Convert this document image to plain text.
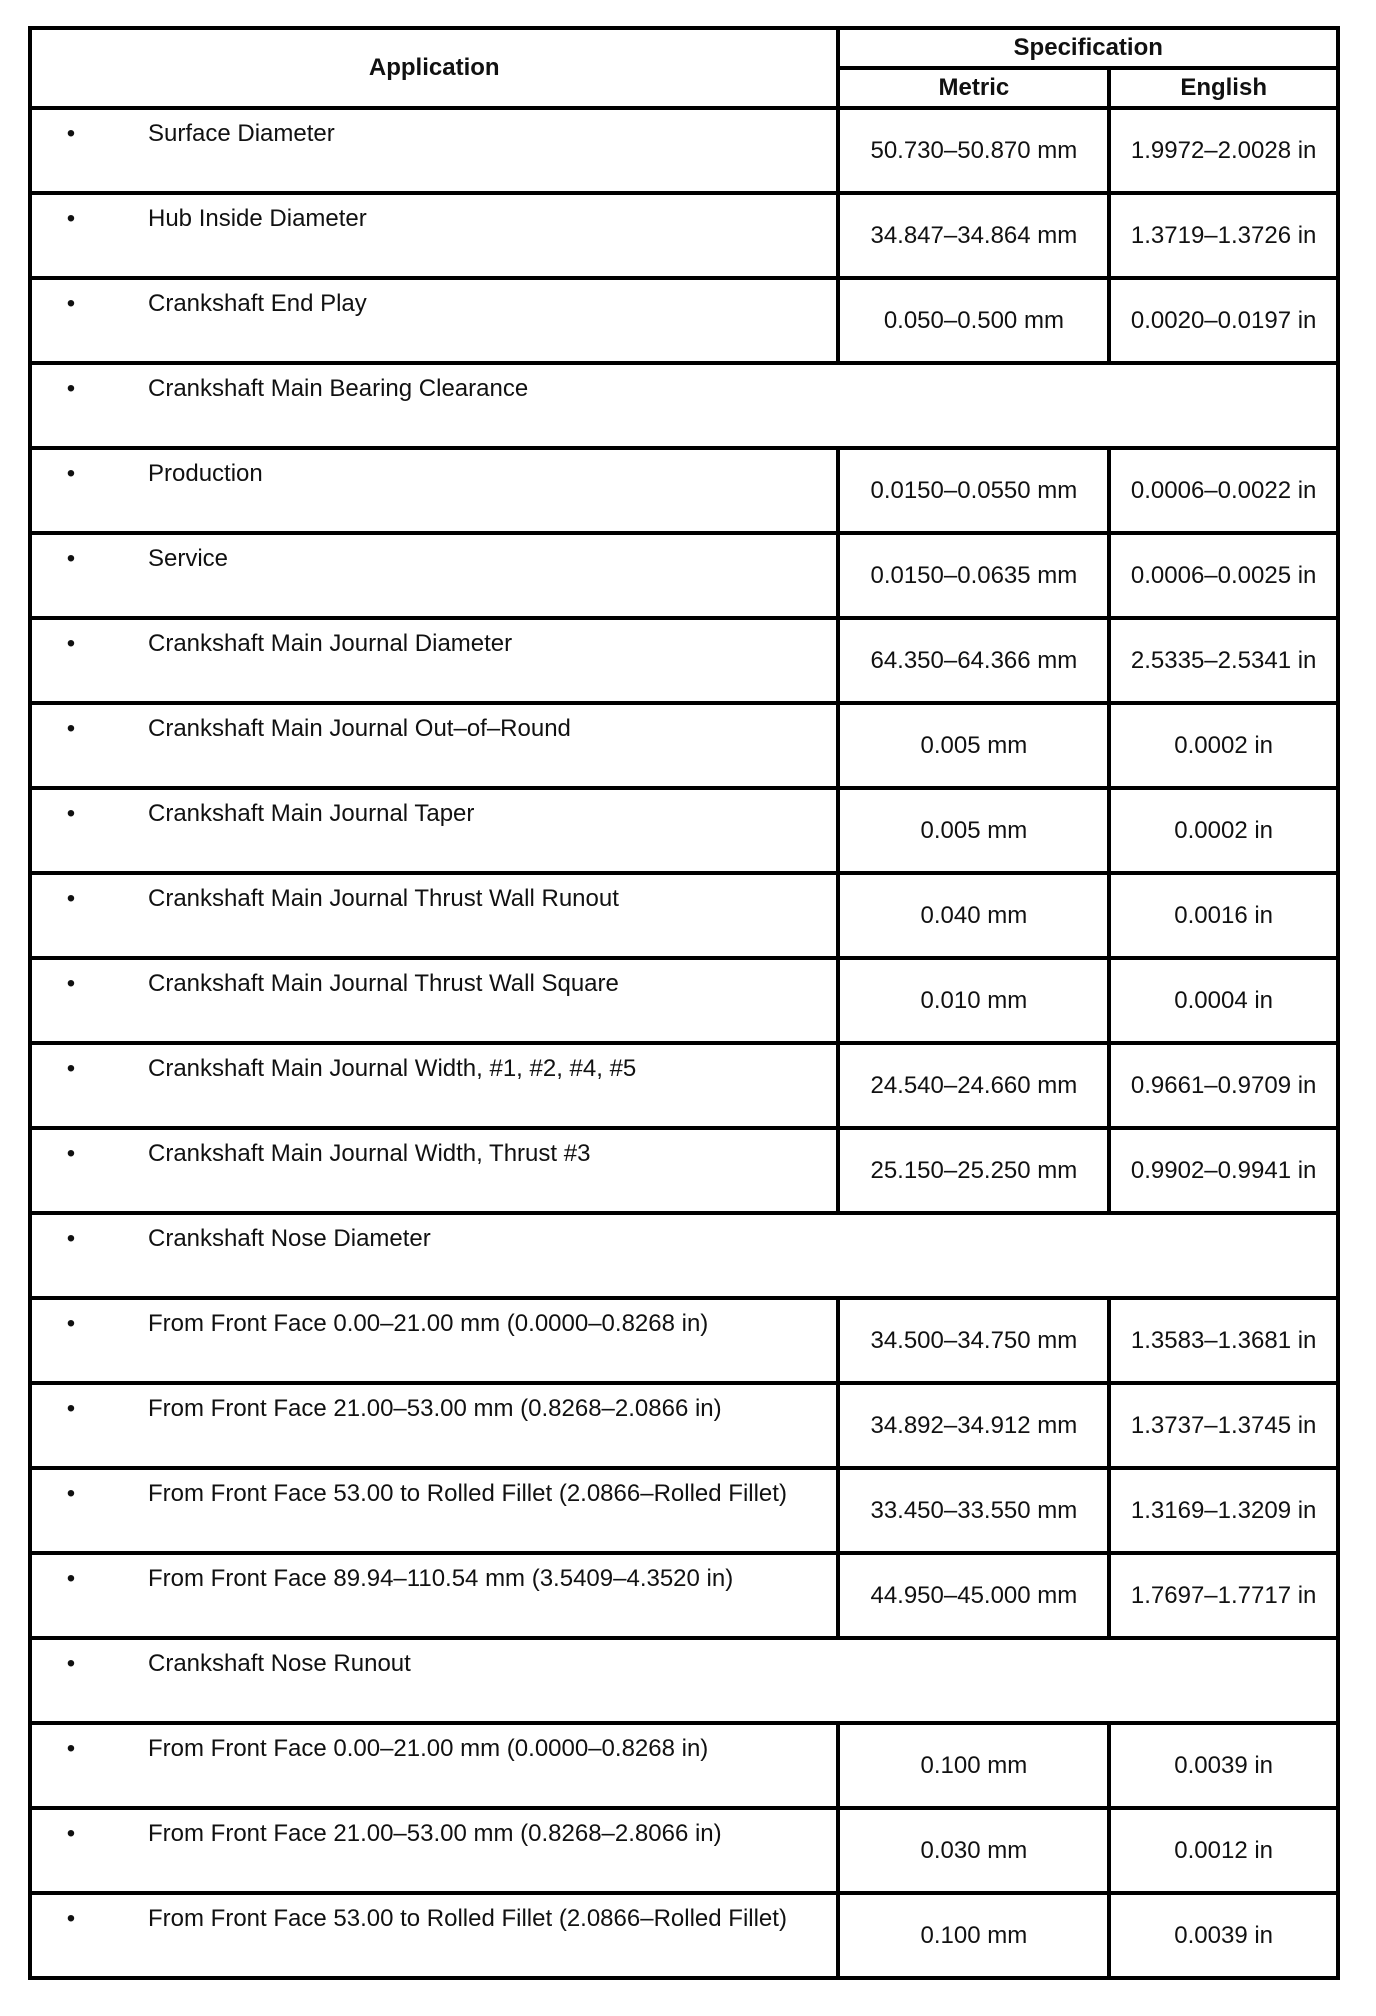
Application	Specification	
	Metric	English

• Surface Diameter	50.730–50.870 mm	1.9972–2.0028 in

• Hub Inside Diameter	34.847–34.864 mm	1.3719–1.3726 in

• Crankshaft End Play	0.050–0.500 mm	0.0020–0.0197 in

• Crankshaft Main Bearing Clearance		

• Production	0.0150–0.0550 mm	0.0006–0.0022 in

• Service	0.0150–0.0635 mm	0.0006–0.0025 in

• Crankshaft Main Journal Diameter	64.350–64.366 mm	2.5335–2.5341 in

• Crankshaft Main Journal Out–of–Round	0.005 mm	0.0002 in

• Crankshaft Main Journal Taper	0.005 mm	0.0002 in

• Crankshaft Main Journal Thrust Wall Runout	0.040 mm	0.0016 in

• Crankshaft Main Journal Thrust Wall Square	0.010 mm	0.0004 in

• Crankshaft Main Journal Width, #1, #2, #4, #5	24.540–24.660 mm	0.9661–0.9709 in

• Crankshaft Main Journal Width, Thrust #3	25.150–25.250 mm	0.9902–0.9941 in

• Crankshaft Nose Diameter		

• From Front Face 0.00–21.00 mm (0.0000–0.8268 in)	34.500–34.750 mm	1.3583–1.3681 in

• From Front Face 21.00–53.00 mm (0.8268–2.0866 in)	34.892–34.912 mm	1.3737–1.3745 in

• From Front Face 53.00 to Rolled Fillet (2.0866–Rolled Fillet)	33.450–33.550 mm	1.3169–1.3209 in

• From Front Face 89.94–110.54 mm (3.5409–4.3520 in)	44.950–45.000 mm	1.7697–1.7717 in

• Crankshaft Nose Runout		

• From Front Face 0.00–21.00 mm (0.0000–0.8268 in)	0.100 mm	0.0039 in

• From Front Face 21.00–53.00 mm (0.8268–2.8066 in)	0.030 mm	0.0012 in

• From Front Face 53.00 to Rolled Fillet (2.0866–Rolled Fillet)	0.100 mm	0.0039 in
